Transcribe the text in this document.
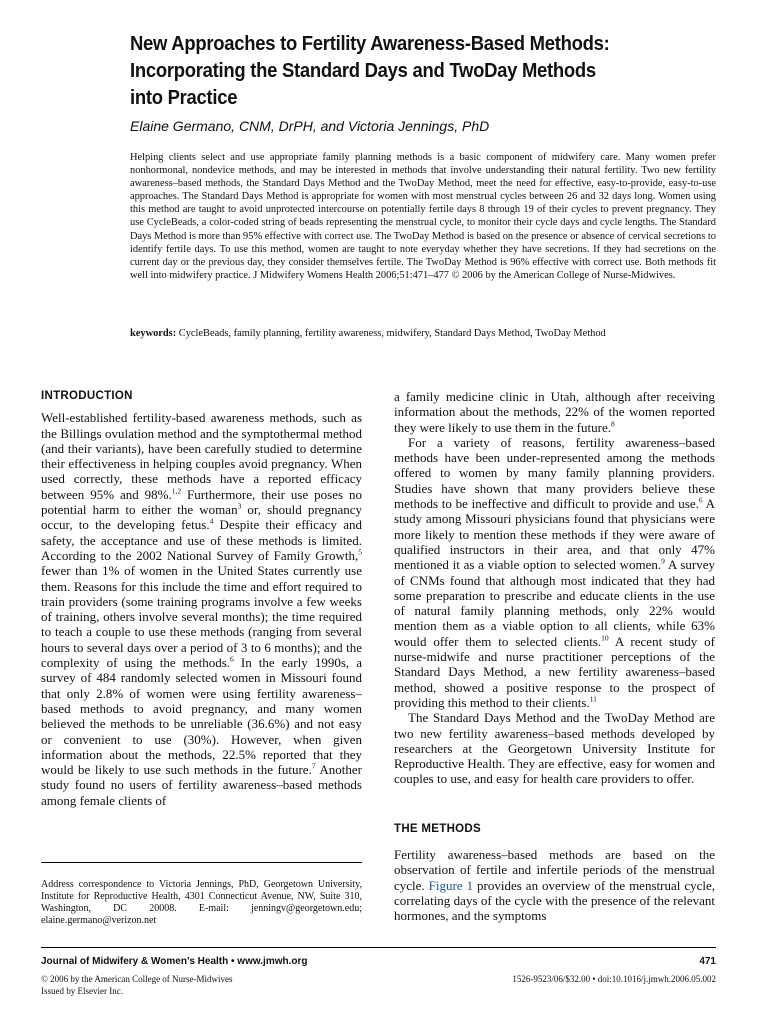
New Approaches to Fertility Awareness-Based Methods:
Incorporating the Standard Days and TwoDay Methods
into Practice
Elaine Germano, CNM, DrPH, and Victoria Jennings, PhD

Helping clients select and use appropriate family planning methods is a basic component of midwifery care. Many women prefer nonhormonal, nondevice methods, and may be interested in methods that involve understanding their natural fertility. Two new fertility awareness–based methods, the Standard Days Method and the TwoDay Method, meet the need for effective, easy-to-provide, easy-to-use approaches. The Standard Days Method is appropriate for women with most menstrual cycles between 26 and 32 days long. Women using this method are taught to avoid unprotected intercourse on potentially fertile days 8 through 19 of their cycles to prevent pregnancy. They use CycleBeads, a color-coded string of beads representing the menstrual cycle, to monitor their cycle days and cycle lengths. The Standard Days Method is more than 95% effective with correct use. The TwoDay Method is based on the presence or absence of cervical secretions to identify fertile days. To use this method, women are taught to note everyday whether they have secretions. If they had secretions on the current day or the previous day, they consider themselves fertile. The TwoDay Method is 96% effective with correct use. Both methods fit well into midwifery practice. J Midwifery Womens Health 2006;51:471–477 © 2006 by the American College of Nurse-Midwives.

keywords: CycleBeads, family planning, fertility awareness, midwifery, Standard Days Method, TwoDay Method
INTRODUCTION

Well-established fertility-based awareness methods, such as the Billings ovulation method and the symptothermal method (and their variants), have been carefully studied to determine their effectiveness in helping couples avoid pregnancy. When used correctly, these methods have a reported efficacy between 95% and 98%.$^{1,2}$ Furthermore, their use poses no potential harm to either the woman$^3$ or, should pregnancy occur, to the developing fetus.$^4$ Despite their efficacy and safety, the acceptance and use of these methods is limited. According to the 2002 National Survey of Family Growth,$^5$ fewer than 1% of women in the United States currently use them. Reasons for this include the time and effort required to train providers (some training programs involve a few weeks of training, others involve several months); the time required to teach a couple to use these methods (ranging from several hours to several days over a period of 3 to 6 months); and the complexity of using the methods.$^6$ In the early 1990s, a survey of 484 randomly selected women in Missouri found that only 2.8% of women were using fertility awareness–based methods to avoid pregnancy, and many women believed the methods to be unreliable (36.6%) and not easy or convenient to use (30%). However, when given information about the methods, 22.5% reported that they would be likely to use such methods in the future.$^7$ Another study found no users of fertility awareness–based methods among female clients of

a family medicine clinic in Utah, although after receiving information about the methods, 22% of the women reported they were likely to use them in the future.$^8$

For a variety of reasons, fertility awareness–based methods have been under-represented among the methods offered to women by many family planning providers. Studies have shown that many providers believe these methods to be ineffective and difficult to provide and use.$^6$ A study among Missouri physicians found that physicians were more likely to mention these methods if they were aware of qualified instructors in their area, and that only 47% mentioned it as a viable option to selected women.$^9$ A survey of CNMs found that although most indicated that they had some preparation to prescribe and educate clients in the use of natural family planning methods, only 22% would mention them as a viable option to all clients, while 63% would offer them to selected clients.$^{10}$ A recent study of nurse-midwife and nurse practitioner perceptions of the Standard Days Method, a new fertility awareness–based method, showed a positive response to the prospect of providing this method to their clients.$^{11}$

The Standard Days Method and the TwoDay Method are two new fertility awareness–based methods developed by researchers at the Georgetown University Institute for Reproductive Health. They are effective, easy for women and couples to use, and easy for health care providers to offer.

THE METHODS

Fertility awareness–based methods are based on the observation of fertile and infertile periods of the menstrual cycle. Figure 1 provides an overview of the menstrual cycle, correlating days of the cycle with the presence of the relevant hormones, and the symptoms

Address correspondence to Victoria Jennings, PhD, Georgetown University, Institute for Reproductive Health, 4301 Connecticut Avenue, NW, Suite 310, Washington, DC 20008. E-mail: jenningv@georgetown.edu; elaine.germano@verizon.net
Journal of Midwifery & Women’s Health • www.jmwh.org	471
© 2006 by the American College of Nurse-Midwives
Issued by Elsevier Inc.
1526-9523/06/$32.00 • doi:10.1016/j.jmwh.2006.05.002
